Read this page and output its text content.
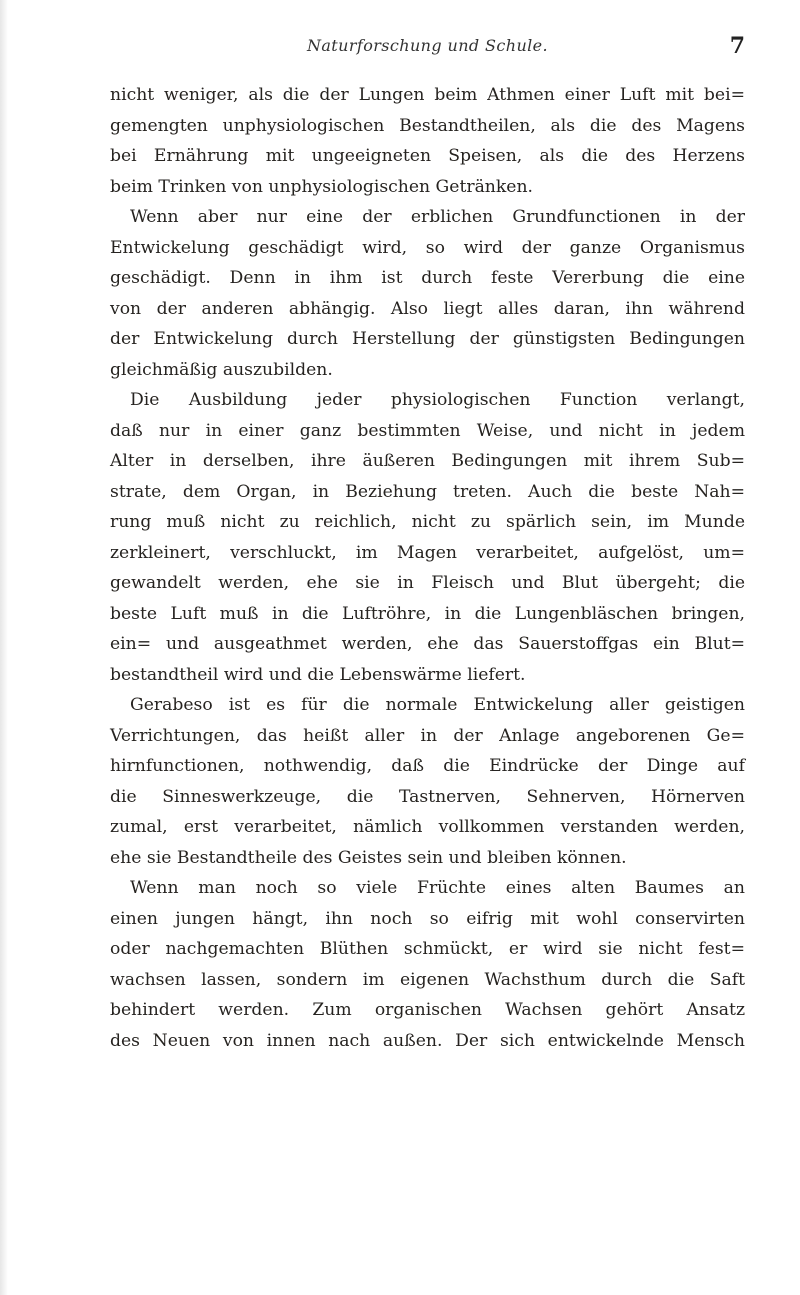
Naturforschung und Schule.	7
nicht weniger, als die der Lungen beim Athmen einer Luft mit bei=
gemengten unphysiologischen Bestandtheilen, als die des Magens
bei Ernährung mit ungeeigneten Speisen, als die des Herzens
beim Trinken von unphysiologischen Getränken.
Wenn aber nur eine der erblichen Grundfunctionen in der
Entwickelung geschädigt wird, so wird der ganze Organismus
geschädigt. Denn in ihm ist durch feste Vererbung die eine
von der anderen abhängig. Also liegt alles daran, ihn während
der Entwickelung durch Herstellung der günstigsten Bedingungen
gleichmäßig auszubilden.
Die Ausbildung jeder physiologischen Function verlangt,
daß nur in einer ganz bestimmten Weise, und nicht in jedem
Alter in derselben, ihre äußeren Bedingungen mit ihrem Sub=
strate, dem Organ, in Beziehung treten. Auch die beste Nah=
rung muß nicht zu reichlich, nicht zu spärlich sein, im Munde
zerkleinert, verschluckt, im Magen verarbeitet, aufgelöst, um=
gewandelt werden, ehe sie in Fleisch und Blut übergeht; die
beste Luft muß in die Luftröhre, in die Lungenbläschen bringen,
ein= und ausgeathmet werden, ehe das Sauerstoffgas ein Blut=
bestandtheil wird und die Lebenswärme liefert.
Gerabeso ist es für die normale Entwickelung aller geistigen
Verrichtungen, das heißt aller in der Anlage angeborenen Ge=
hirnfunctionen, nothwendig, daß die Eindrücke der Dinge auf
die Sinneswerkzeuge, die Tastnerven, Sehnerven, Hörnerven
zumal, erst verarbeitet, nämlich vollkommen verstanden werden,
ehe sie Bestandtheile des Geistes sein und bleiben können.
Wenn man noch so viele Früchte eines alten Baumes an
einen jungen hängt, ihn noch so eifrig mit wohl conservirten
oder nachgemachten Blüthen schmückt, er wird sie nicht fest=
wachsen lassen, sondern im eigenen Wachsthum durch die Saft
behindert werden. Zum organischen Wachsen gehört Ansatz
des Neuen von innen nach außen. Der sich entwickelnde Mensch
